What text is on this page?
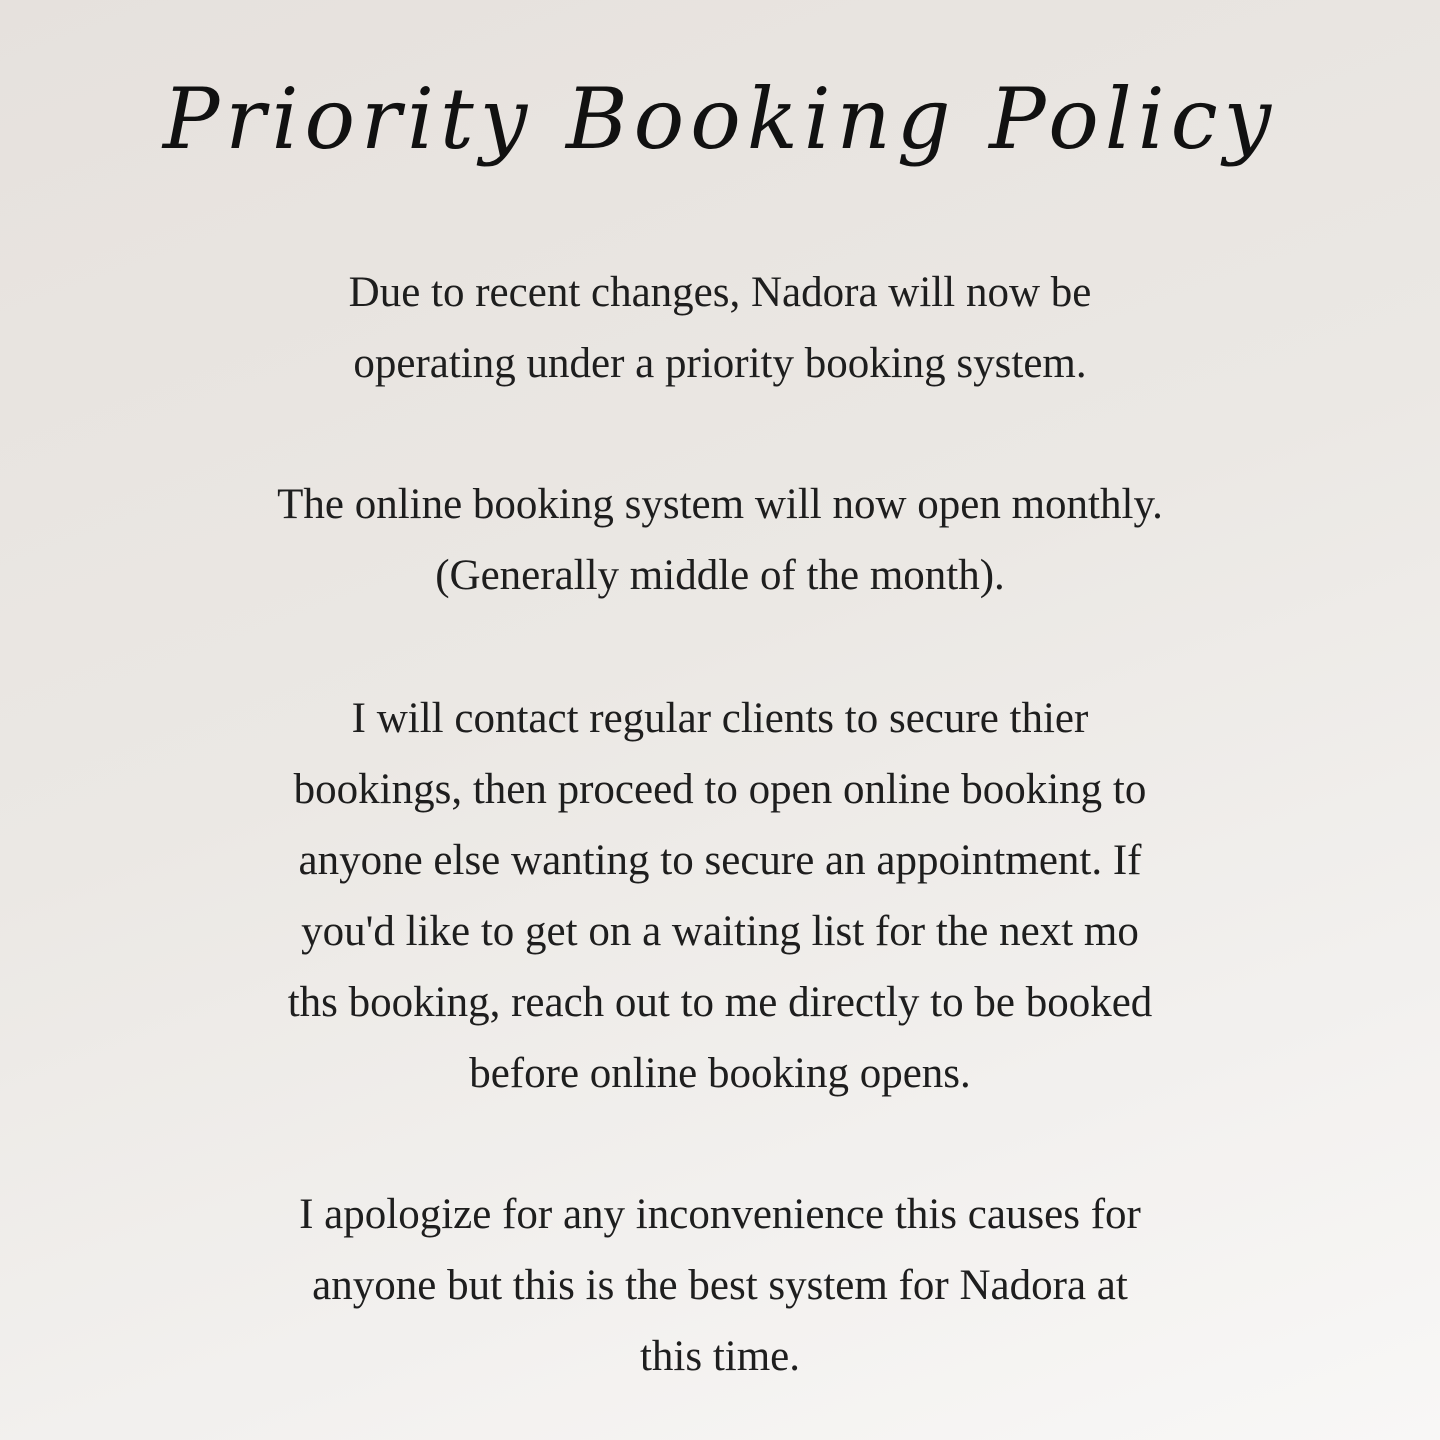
Priority Booking Policy

Due to recent changes, Nadora will now be
operating under a priority booking system.

The online booking system will now open monthly.
(Generally middle of the month).

I will contact regular clients to secure thier
bookings, then proceed to open online booking to
anyone else wanting to secure an appointment. If
you'd like to get on a waiting list for the next mo
ths booking, reach out to me directly to be booked
before online booking opens.

I apologize for any inconvenience this causes for
anyone but this is the best system for Nadora at
this time.
